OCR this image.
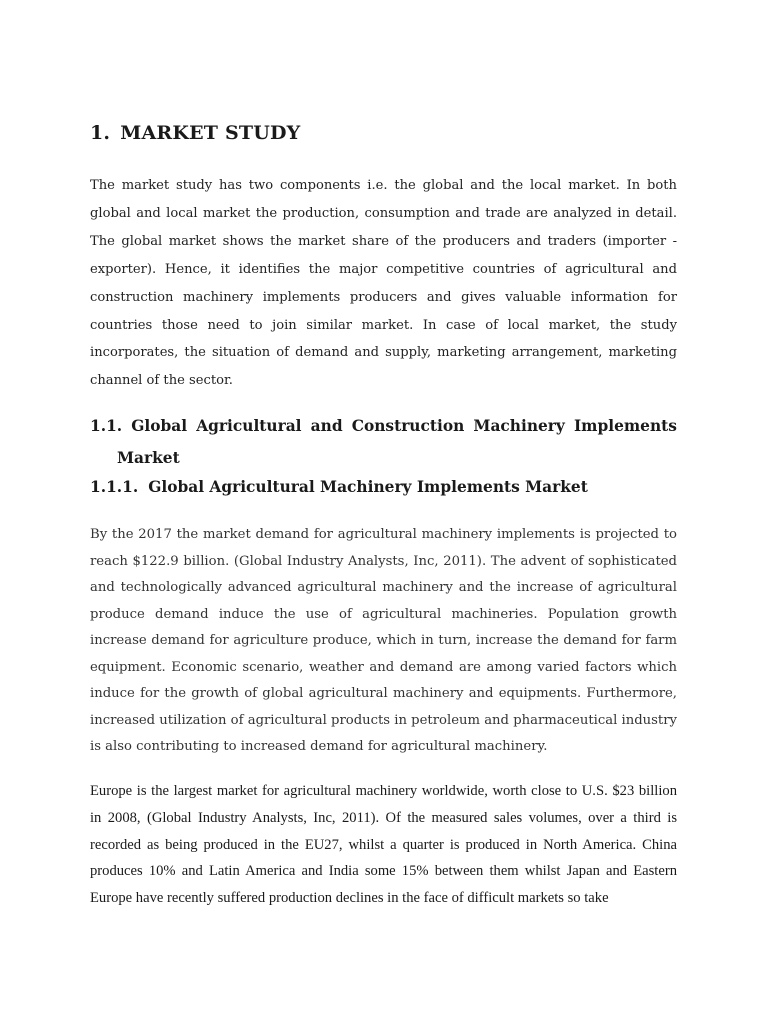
1. MARKET STUDY

The market study has two components i.e. the global and the local market. In both global and local market the production, consumption and trade are analyzed in detail. The global market shows the market share of the producers and traders (importer - exporter). Hence, it identifies the major competitive countries of agricultural and construction machinery implements producers and gives valuable information for countries those need to join similar market. In case of local market, the study incorporates, the situation of demand and supply, marketing arrangement, marketing channel of the sector.

1.1. Global Agricultural and Construction Machinery Implements
Market
1.1.1. Global Agricultural Machinery Implements Market

By the 2017 the market demand for agricultural machinery implements is projected to reach $122.9 billion. (Global Industry Analysts, Inc, 2011). The advent of sophisticated and technologically advanced agricultural machinery and the increase of agricultural produce demand induce the use of agricultural machineries. Population growth increase demand for agriculture produce, which in turn, increase the demand for farm equipment. Economic scenario, weather and demand are among varied factors which induce for the growth of global agricultural machinery and equipments. Furthermore, increased utilization of agricultural products in petroleum and pharmaceutical industry is also contributing to increased demand for agricultural machinery.

Europe is the largest market for agricultural machinery worldwide, worth close to U.S. $23 billion in 2008, (Global Industry Analysts, Inc, 2011). Of the measured sales volumes, over a third is recorded as being produced in the EU27, whilst a quarter is produced in North America. China produces 10% and Latin America and India some 15% between them whilst Japan and Eastern Europe have recently suffered production declines in the face of difficult markets so take
